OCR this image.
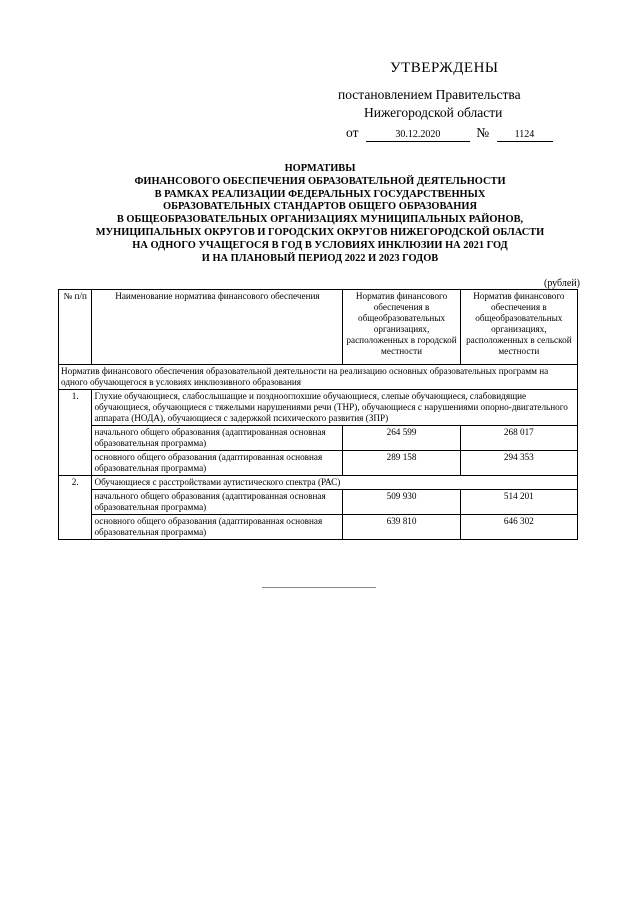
УТВЕРЖДЕНЫ
постановлением Правительства
Нижегородской области
от	30.12.2020	№	1124
НОРМАТИВЫ
ФИНАНСОВОГО ОБЕСПЕЧЕНИЯ ОБРАЗОВАТЕЛЬНОЙ ДЕЯТЕЛЬНОСТИ
В РАМКАХ РЕАЛИЗАЦИИ ФЕДЕРАЛЬНЫХ ГОСУДАРСТВЕННЫХ
ОБРАЗОВАТЕЛЬНЫХ СТАНДАРТОВ ОБЩЕГО ОБРАЗОВАНИЯ
В ОБЩЕОБРАЗОВАТЕЛЬНЫХ ОРГАНИЗАЦИЯХ МУНИЦИПАЛЬНЫХ РАЙОНОВ,
МУНИЦИПАЛЬНЫХ ОКРУГОВ И ГОРОДСКИХ ОКРУГОВ НИЖЕГОРОДСКОЙ ОБЛАСТИ
НА ОДНОГО УЧАЩЕГОСЯ В ГОД В УСЛОВИЯХ ИНКЛЮЗИИ НА 2021 ГОД
И НА ПЛАНОВЫЙ ПЕРИОД 2022 И 2023 ГОДОВ
(рублей)
№ п/п	Наименование норматива финансового обеспечения	Норматив финансового обеспечения в общеобразовательных организациях, расположенных в городской местности	Норматив финансового обеспечения в общеобразовательных организациях, расположенных в сельской местности
Норматив финансового обеспечения образовательной деятельности на реализацию основных образовательных программ на одного обучающегося в условиях инклюзивного образования			
1.	Глухие обучающиеся, слабослышащие и позднооглохшие обучающиеся, слепые обучающиеся, слабовидящие обучающиеся, обучающиеся с тяжелыми нарушениями речи (ТНР), обучающиеся с нарушениями опорно-двигательного аппарата (НОДА), обучающиеся с задержкой психического развития (ЗПР)		
	начального общего образования (адаптированная основная образовательная программа)	264 599	268 017
	основного общего образования (адаптированная основная образовательная программа)	289 158	294 353
2.	Обучающиеся с расстройствами аутистического спектра (РАС)		
	начального общего образования (адаптированная основная образовательная программа)	509 930	514 201
	основного общего образования (адаптированная основная образовательная программа)	639 810	646 302
